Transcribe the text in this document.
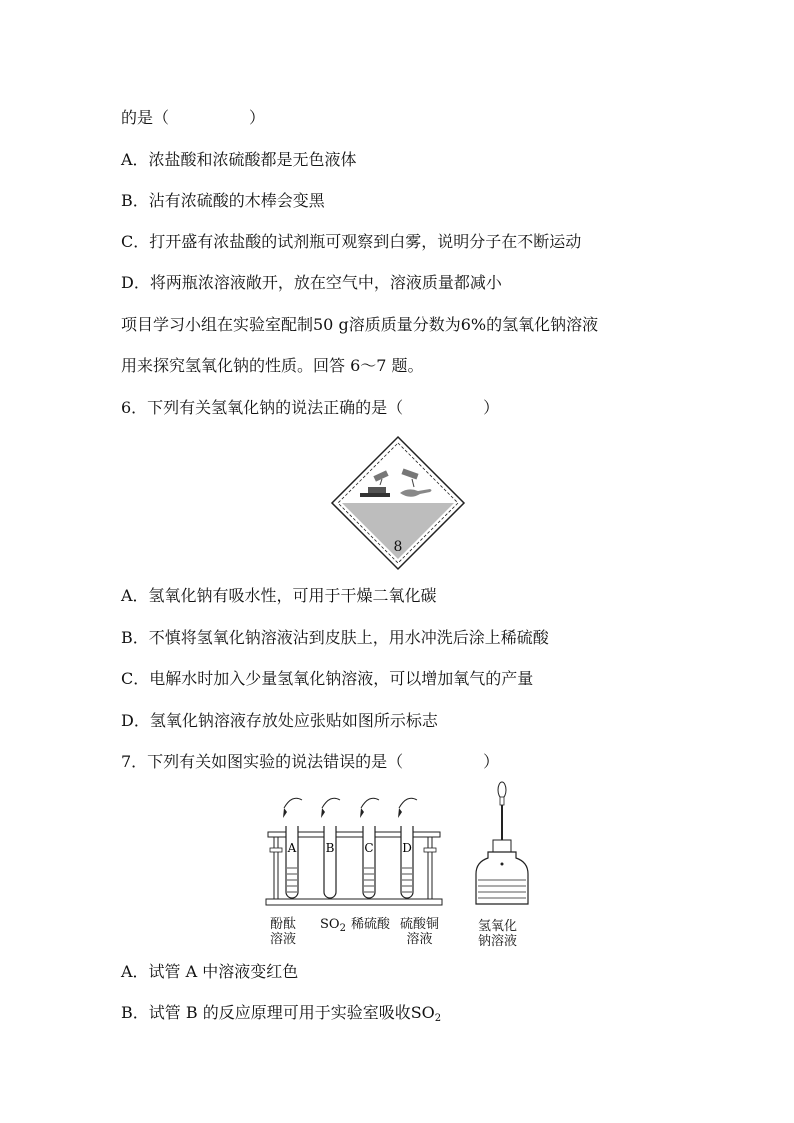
的是（　　　　　）
A．浓盐酸和浓硫酸都是无色液体
B．沾有浓硫酸的木棒会变黑
C．打开盛有浓盐酸的试剂瓶可观察到白雾，说明分子在不断运动
D．将两瓶浓溶液敞开，放在空气中，溶液质量都减小
项目学习小组在实验室配制50 g溶质质量分数为6%的氢氧化钠溶液
用来探究氢氧化钠的性质。回答 6～7 题。
6．下列有关氢氧化钠的说法正确的是（　　　　　）
8
A．氢氧化钠有吸水性，可用于干燥二氧化碳
B．不慎将氢氧化钠溶液沾到皮肤上，用水冲洗后涂上稀硫酸
C．电解水时加入少量氢氧化钠溶液，可以增加氧气的产量
D．氢氧化钠溶液存放处应张贴如图所示标志
7．下列有关如图实验的说法错误的是（　　　　　）
A B C D
酚酞
溶液
$SO_2$ 稀硫酸 硫酸铜
溶液
氢氧化
钠溶液
A．试管 A 中溶液变红色
B．试管 B 的反应原理可用于实验室吸收$SO_2$
